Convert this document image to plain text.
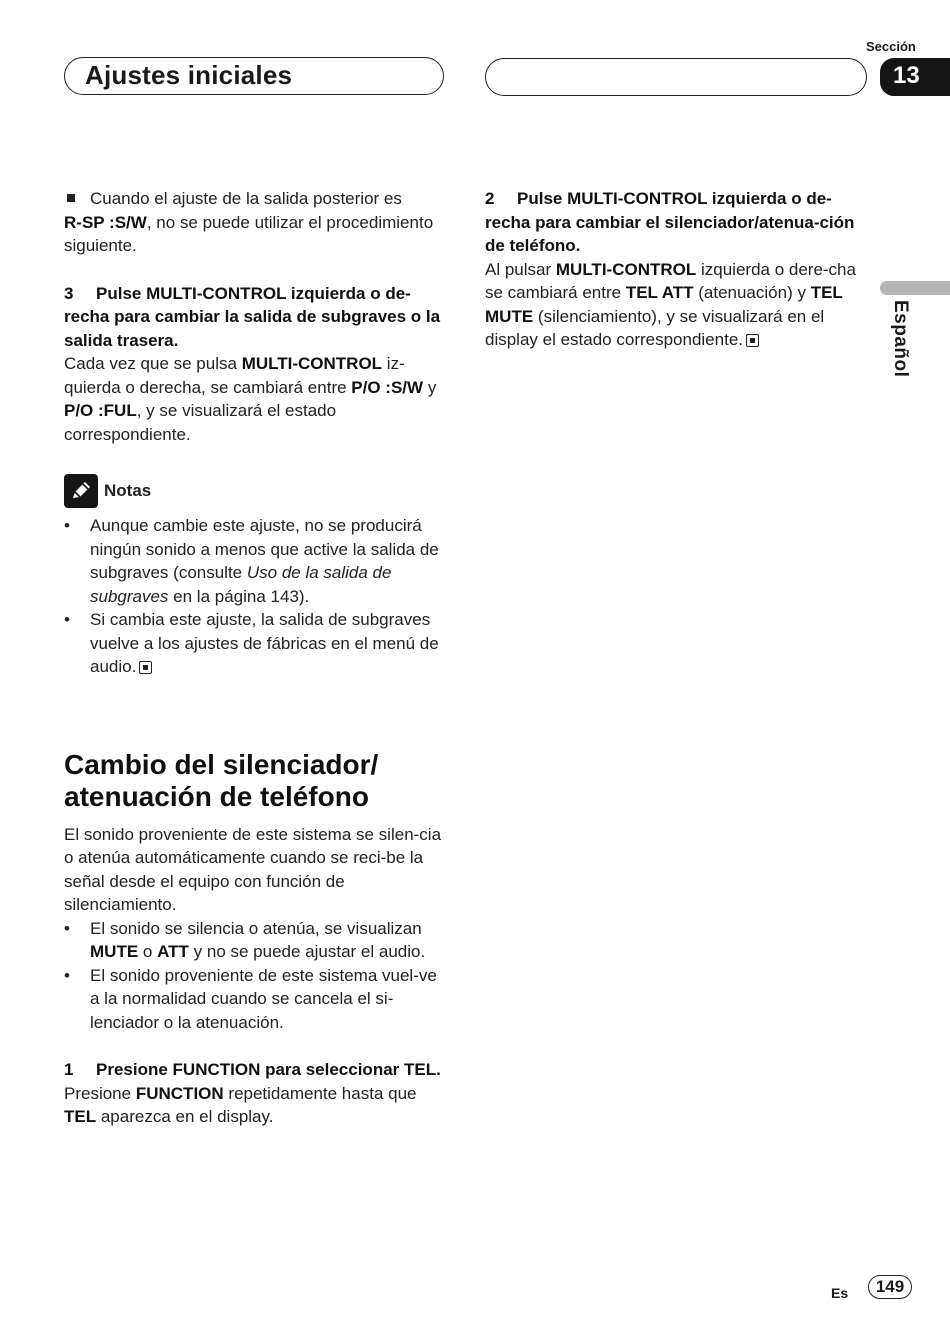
Sección
Ajustes iniciales	13
Español
Cuando el ajuste de la salida posterior es

R-SP :S/W, no se puede utilizar el procedimiento siguiente.

3 Pulse MULTI-CONTROL izquierda o de-recha para cambiar la salida de subgraves o la salida trasera.

Cada vez que se pulsa MULTI-CONTROL iz-quierda o derecha, se cambiará entre P/O :S/W y P/O :FUL, y se visualizará el estado correspondiente.

Notas
•	Aunque cambie este ajuste, no se producirá ningún sonido a menos que active la salida de subgraves (consulte Uso de la salida de subgraves en la página 143).
•	Si cambia este ajuste, la salida de subgraves vuelve a los ajustes de fábricas en el menú de audio.
Cambio del silenciador/ atenuación de teléfono

El sonido proveniente de este sistema se silen-cia o atenúa automáticamente cuando se reci-be la señal desde el equipo con función de silenciamiento.

•	El sonido se silencia o atenúa, se visualizan MUTE o ATT y no se puede ajustar el audio.
•	El sonido proveniente de este sistema vuel-ve a la normalidad cuando se cancela el si-lenciador o la atenuación.

1 Presione FUNCTION para seleccionar TEL.

Presione FUNCTION repetidamente hasta que TEL aparezca en el display.

2 Pulse MULTI-CONTROL izquierda o de-recha para cambiar el silenciador/atenua-ción de teléfono.

Al pulsar MULTI-CONTROL izquierda o dere-cha se cambiará entre TEL ATT (atenuación) y TEL MUTE (silenciamiento), y se visualizará en el display el estado correspondiente.

Es	149
